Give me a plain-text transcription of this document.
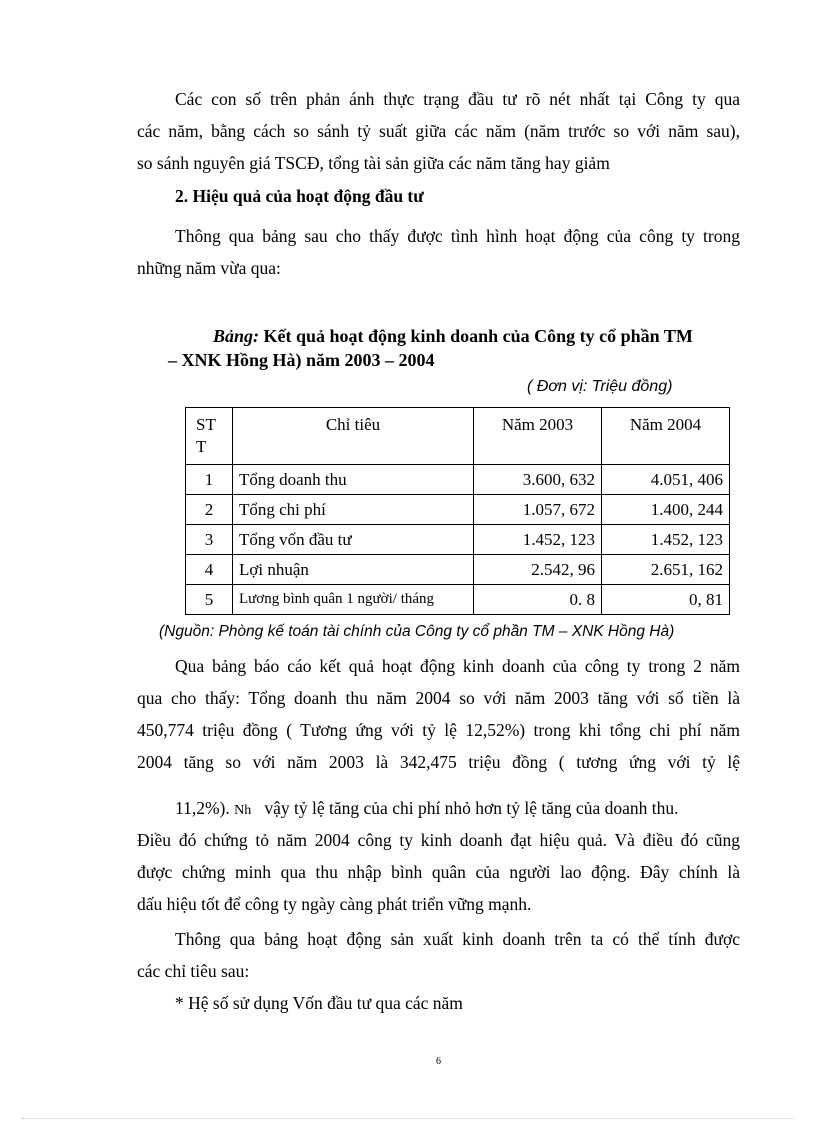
Các con số trên phản ánh thực trạng đầu tư rõ nét nhất tại Công ty qua
các năm, bằng cách so sánh tỷ suất giữa các năm (năm trước so với năm sau),
so sánh nguyên giá TSCĐ, tổng tài sản giữa các năm tăng hay giảm
2. Hiệu quả của hoạt động đầu tư
Thông qua bảng sau cho thấy được tình hình hoạt động của công ty trong
những năm vừa qua:
Bảng: Kết quả hoạt động kinh doanh của Công ty cổ phần TM
– XNK Hồng Hà) năm 2003 – 2004
( Đơn vị: Triệu đồng)
ST T	Chỉ tiêu	Năm 2003	Năm 2004
1	Tổng doanh thu	3.600, 632	4.051, 406
2	Tổng chi phí	1.057, 672	1.400, 244
3	Tổng vốn đầu tư	1.452, 123	1.452, 123
4	Lợi nhuận	2.542, 96	2.651, 162
5	Lương bình quân 1 người/ tháng	0. 8	0, 81
(Nguồn: Phòng kế toán tài chính của Công ty cổ phần TM – XNK Hồng Hà)
Qua bảng báo cáo kết quả hoạt động kinh doanh của công ty trong 2 năm
qua cho thấy: Tổng doanh thu năm 2004 so với năm 2003 tăng với số tiền là
450,774 triệu đồng ( Tương ứng với tỷ lệ 12,52%) trong khi tổng chi phí năm
2004 tăng so với năm 2003 là 342,475 triệu đồng ( tương ứng với tỷ lệ
11,2%). Nh vậy tỷ lệ tăng của chi phí nhỏ hơn tỷ lệ tăng của doanh thu.
Điều đó chứng tỏ năm 2004 công ty kinh doanh đạt hiệu quả. Và điều đó cũng
được chứng minh qua thu nhập bình quân của người lao động. Đây chính là
dấu hiệu tốt để công ty ngày càng phát triển vững mạnh.
Thông qua bảng hoạt động sản xuất kinh doanh trên ta có thể tính được
các chỉ tiêu sau:
* Hệ số sử dụng Vốn đầu tư qua các năm
6
